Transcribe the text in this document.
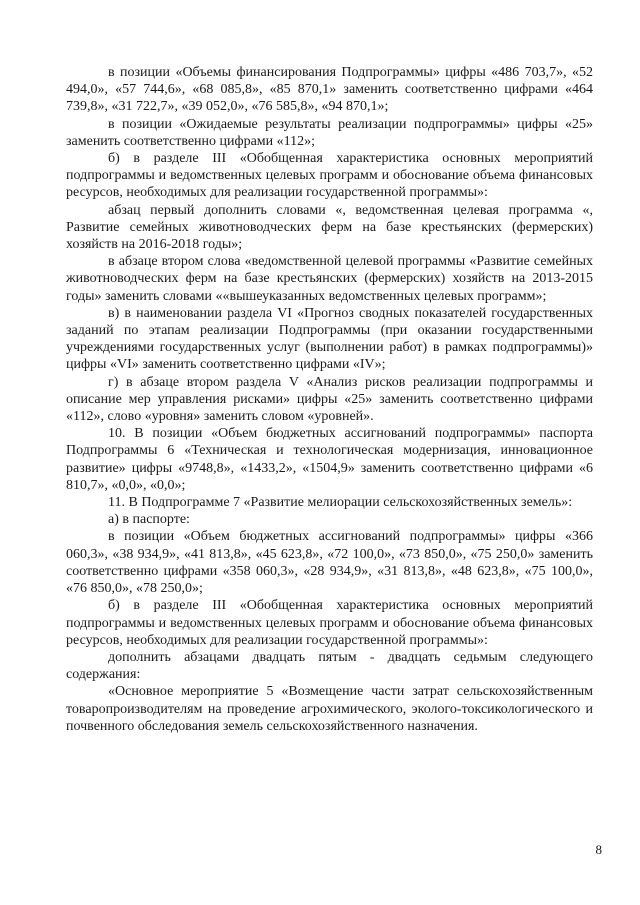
в позиции «Объемы финансирования Подпрограммы» цифры «486 703,7», «52 494,0», «57 744,6», «68 085,8», «85 870,1» заменить соответственно цифрами «464 739,8», «31 722,7», «39 052,0», «76 585,8», «94 870,1»;

в позиции «Ожидаемые результаты реализации подпрограммы» цифры «25» заменить соответственно цифрами «112»;

б) в разделе III «Обобщенная характеристика основных мероприятий подпрограммы и ведомственных целевых программ и обоснование объема финансовых ресурсов, необходимых для реализации государственной программы»:

абзац первый дополнить словами «, ведомственная целевая программа «, Развитие семейных животноводческих ферм на базе крестьянских (фермерских) хозяйств на 2016-2018 годы»;

в абзаце втором слова «ведомственной целевой программы «Развитие семейных животноводческих ферм на базе крестьянских (фермерских) хозяйств на 2013-2015 годы» заменить словами ««вышеуказанных ведомственных целевых программ»;

в) в наименовании раздела VI «Прогноз сводных показателей государственных заданий по этапам реализации Подпрограммы (при оказании государственными учреждениями государственных услуг (выполнении работ) в рамках подпрограммы)» цифры «VI» заменить соответственно цифрами «IV»;

г) в абзаце втором раздела V «Анализ рисков реализации подпрограммы и описание мер управления рисками» цифры «25» заменить соответственно цифрами «112», слово «уровня» заменить словом «уровней».

10. В позиции «Объем бюджетных ассигнований подпрограммы» паспорта Подпрограммы 6 «Техническая и технологическая модернизация, инновационное развитие» цифры «9748,8», «1433,2», «1504,9» заменить соответственно цифрами «6 810,7», «0,0», «0,0»;

11. В Подпрограмме 7 «Развитие мелиорации сельскохозяйственных земель»:

а) в паспорте:

в позиции «Объем бюджетных ассигнований подпрограммы» цифры «366 060,3», «38 934,9», «41 813,8», «45 623,8», «72 100,0», «73 850,0», «75 250,0» заменить соответственно цифрами «358 060,3», «28 934,9», «31 813,8», «48 623,8», «75 100,0», «76 850,0», «78 250,0»;

б) в разделе III «Обобщенная характеристика основных мероприятий подпрограммы и ведомственных целевых программ и обоснование объема финансовых ресурсов, необходимых для реализации государственной программы»:

дополнить абзацами двадцать пятым - двадцать седьмым следующего содержания:

«Основное мероприятие 5 «Возмещение части затрат сельскохозяйственным товаропроизводителям на проведение агрохимического, эколого-токсикологического и почвенного обследования земель сельскохозяйственного назначения.

8
